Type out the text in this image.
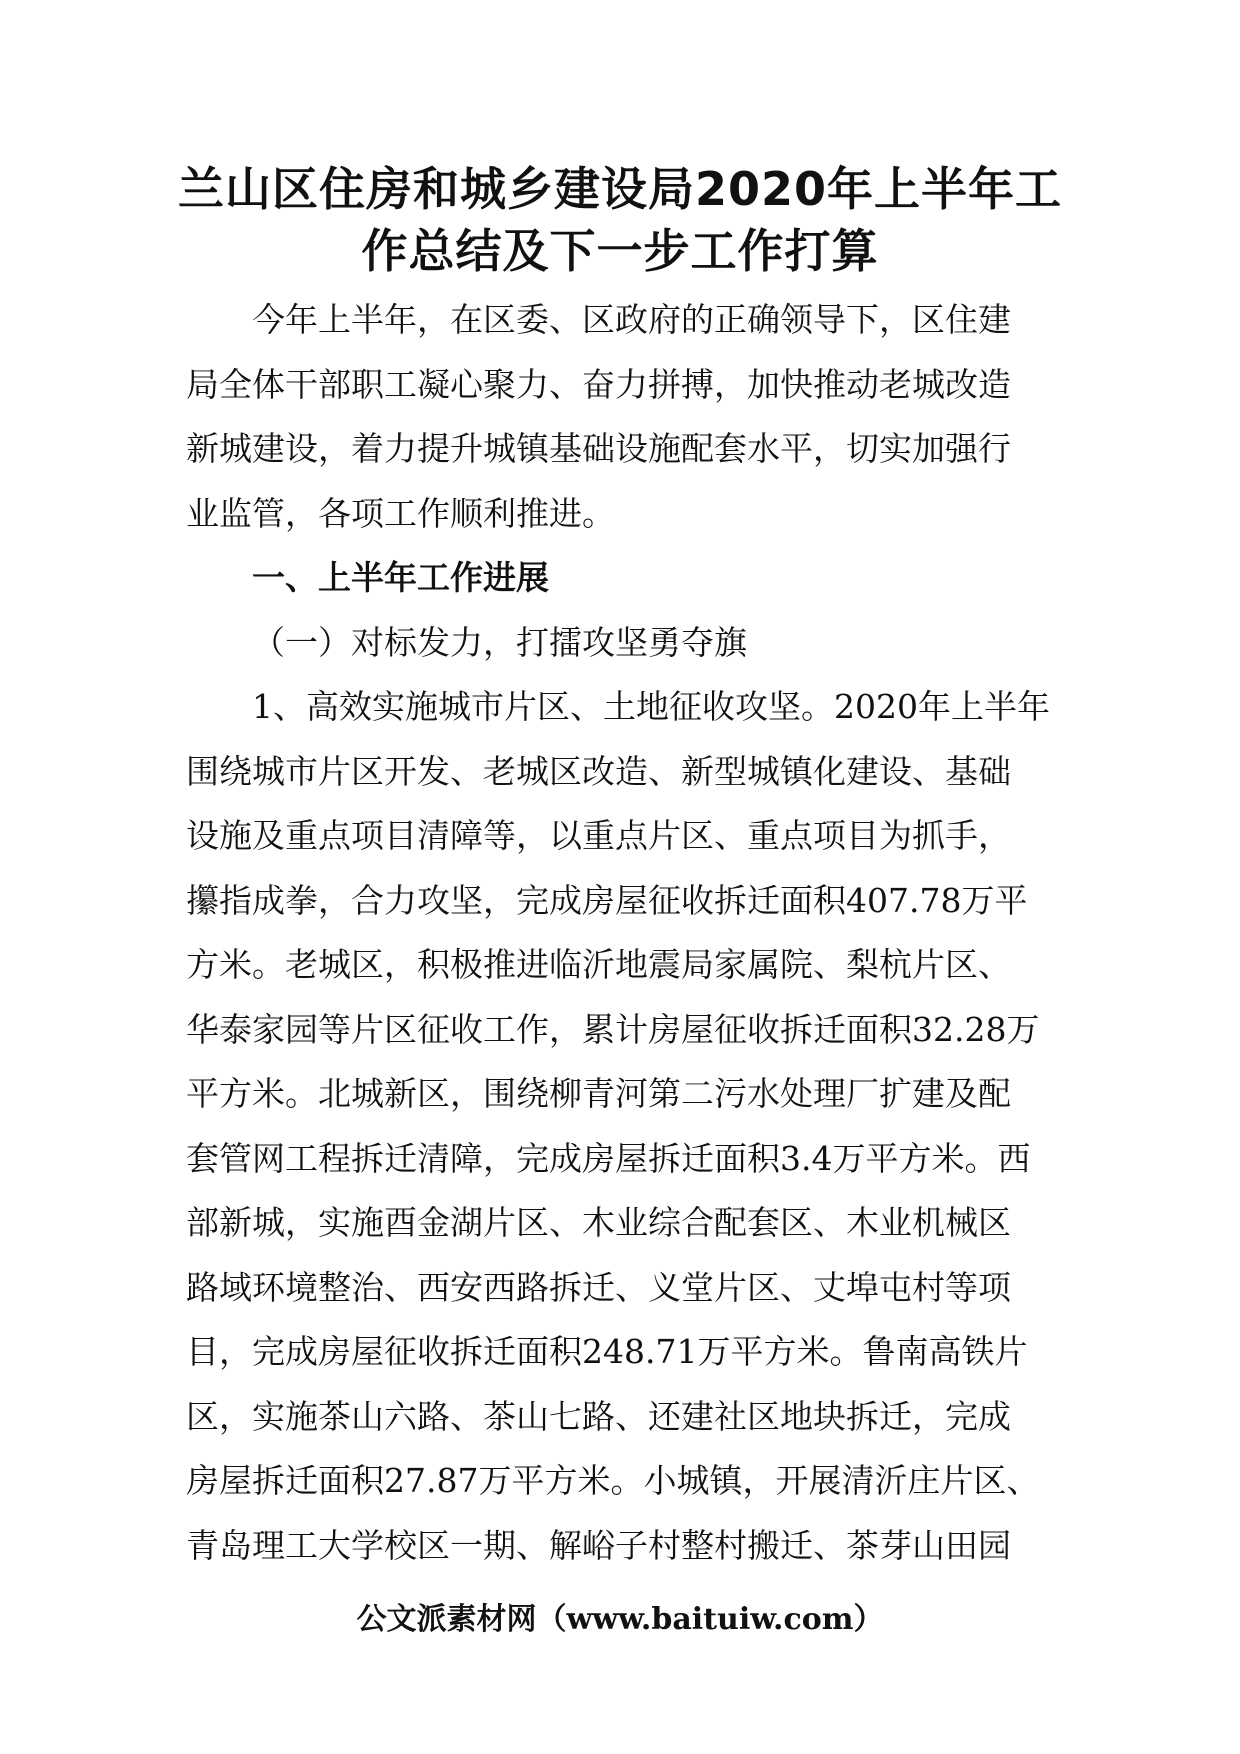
兰山区住房和城乡建设局2020年上半年工
作总结及下一步工作打算
今年上半年，在区委、区政府的正确领导下，区住建
局全体干部职工凝心聚力、奋力拼搏，加快推动老城改造
新城建设，着力提升城镇基础设施配套水平，切实加强行
业监管，各项工作顺利推进。
一、上半年工作进展
（一）对标发力，打擂攻坚勇夺旗
1、高效实施城市片区、土地征收攻坚。2020年上半年
围绕城市片区开发、老城区改造、新型城镇化建设、基础
设施及重点项目清障等，以重点片区、重点项目为抓手，
攥指成拳，合力攻坚，完成房屋征收拆迁面积407.78万平
方米。老城区，积极推进临沂地震局家属院、梨杭片区、
华泰家园等片区征收工作，累计房屋征收拆迁面积32.28万
平方米。北城新区，围绕柳青河第二污水处理厂扩建及配
套管网工程拆迁清障，完成房屋拆迁面积3.4万平方米。西
部新城，实施酉金湖片区、木业综合配套区、木业机械区
路域环境整治、西安西路拆迁、义堂片区、丈埠屯村等项
目，完成房屋征收拆迁面积248.71万平方米。鲁南高铁片
区，实施茶山六路、茶山七路、还建社区地块拆迁，完成
房屋拆迁面积27.87万平方米。小城镇，开展清沂庄片区、
青岛理工大学校区一期、解峪子村整村搬迁、茶芽山田园
公文派素材网（www.baituiw.com）
